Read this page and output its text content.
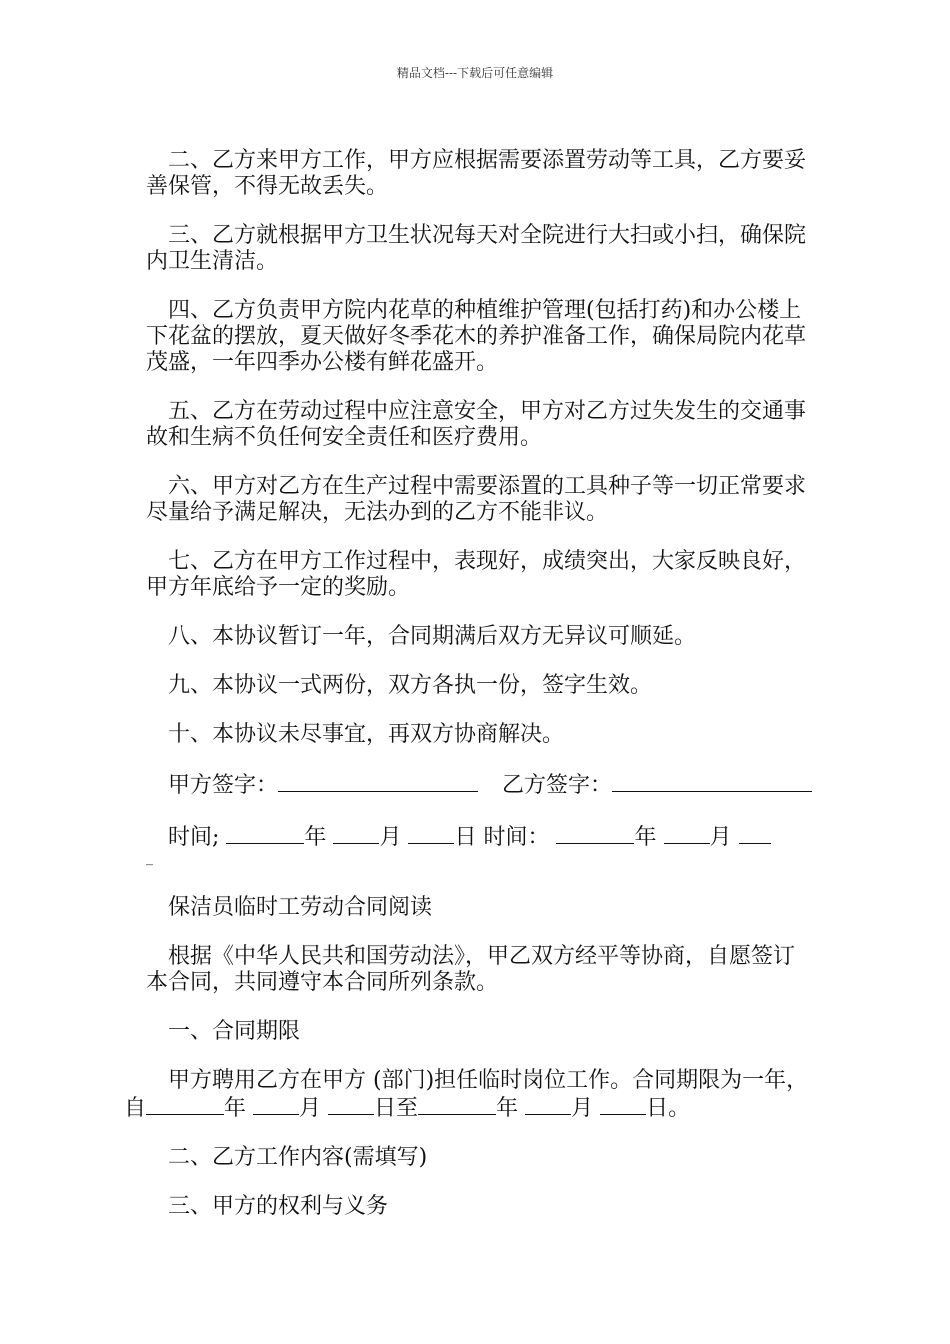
精品文档---下载后可任意编辑

二、乙方来甲方工作，甲方应根据需要添置劳动等工具，乙方要妥善保管，不得无故丢失。

三、乙方就根据甲方卫生状况每天对全院进行大扫或小扫，确保院内卫生清洁。

四、乙方负责甲方院内花草的种植维护管理(包括打药)和办公楼上下花盆的摆放，夏天做好冬季花木的养护准备工作，确保局院内花草茂盛，一年四季办公楼有鲜花盛开。

五、乙方在劳动过程中应注意安全，甲方对乙方过失发生的交通事故和生病不负任何安全责任和医疗费用。

六、甲方对乙方在生产过程中需要添置的工具种子等一切正常要求尽量给予满足解决，无法办到的乙方不能非议。

七、乙方在甲方工作过程中，表现好，成绩突出，大家反映良好，甲方年底给予一定的奖励。

八、本协议暂订一年，合同期满后双方无异议可顺延。

九、本协议一式两份，双方各执一份，签字生效。

十、本协议未尽事宜，再双方协商解决。

甲方签字：	乙方签字：
时间;	年 月 日 时间：	年 月
_

保洁员临时工劳动合同阅读

根据《中华人民共和国劳动法》，甲乙双方经平等协商，自愿签订本合同，共同遵守本合同所列条款。

一、合同期限

甲方聘用乙方在甲方 (部门)担任临时岗位工作。合同期限为一年，
自	年 月 日至	年 月 日。

二、乙方工作内容(需填写)

三、甲方的权利与义务
